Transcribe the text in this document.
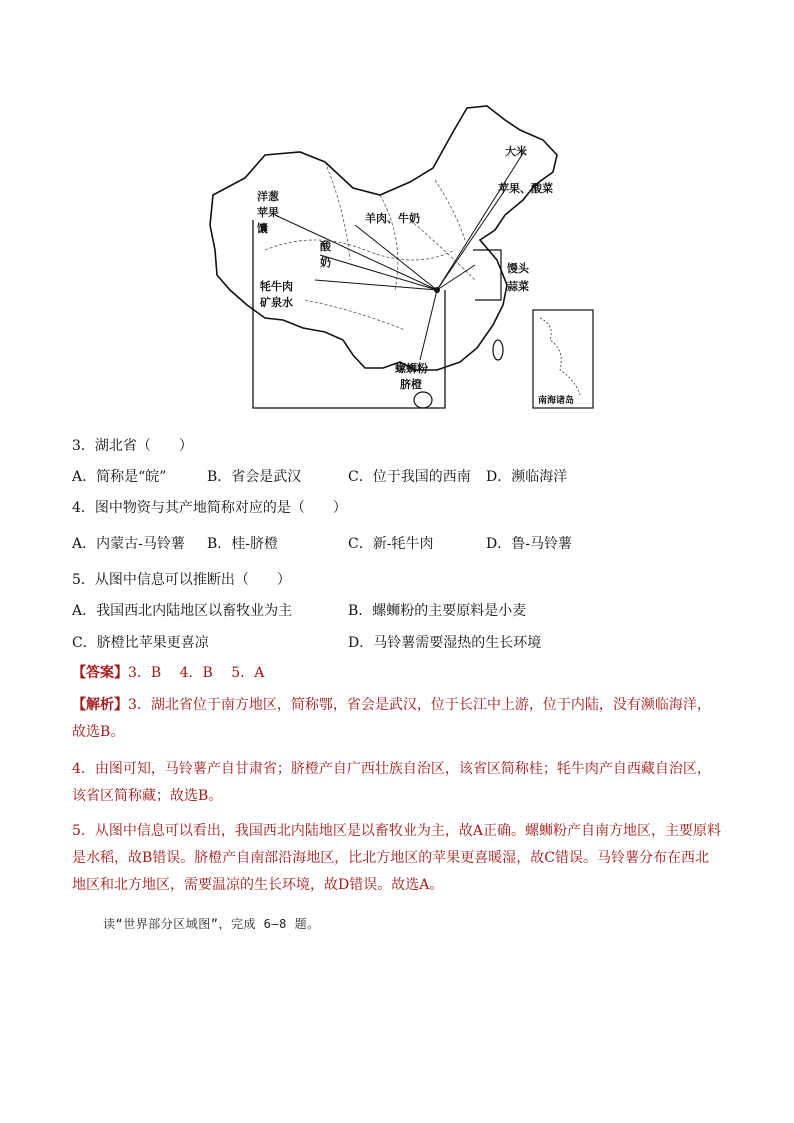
洋葱
苹果
馕
羊肉、牛奶
酸
奶
牦牛肉
矿泉水
大米
苹果、酸菜
馒头
蒜菜
螺蛳粉
脐橙
南海诸岛
3．湖北省（　　）
A．简称是“皖”	B．省会是武汉	C．位于我国的西南 D．濒临海洋
4．图中物资与其产地简称对应的是（　　）
A．内蒙古-马铃薯 B．桂-脐橙	C．新-牦牛肉	D．鲁-马铃薯
5．从图中信息可以推断出（　　）
A．我国西北内陆地区以畜牧业为主	B．螺蛳粉的主要原料是小麦
C．脐橙比苹果更喜凉	D．马铃薯需要湿热的生长环境
【答案】3．B　 4．B　 5．A
【解析】3．湖北省位于南方地区，简称鄂，省会是武汉，位于长江中上游，位于内陆，没有濒临海洋，故选B。
4．由图可知，马铃薯产自甘肃省；脐橙产自广西壮族自治区，该省区简称桂；牦牛肉产自西藏自治区，该省区简称藏；故选B。
5．从图中信息可以看出，我国西北内陆地区是以畜牧业为主，故A正确。螺蛳粉产自南方地区，主要原料是水稻，故B错误。脐橙产自南部沿海地区，比北方地区的苹果更喜暖湿，故C错误。马铃薯分布在西北地区和北方地区，需要温凉的生长环境，故D错误。故选A。
读“世界部分区域图”，完成 6—8 题。
